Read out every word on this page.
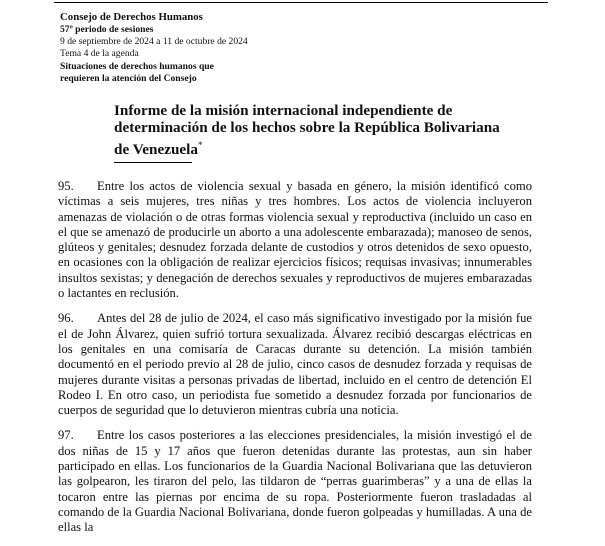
Consejo de Derechos Humanos
57º periodo de sesiones
9 de septiembre de 2024 a 11 de octubre de 2024
Tema 4 de la agenda
Situaciones de derechos humanos que
requieren la atención del Consejo
Informe de la misión internacional independiente de
determinación de los hechos sobre la República Bolivariana
de Venezuela*

95. Entre los actos de violencia sexual y basada en género, la misión identificó como víctimas a seis mujeres, tres niñas y tres hombres. Los actos de violencia incluyeron amenazas de violación o de otras formas violencia sexual y reproductiva (incluido un caso en el que se amenazó de producirle un aborto a una adolescente embarazada); manoseo de senos, glúteos y genitales; desnudez forzada delante de custodios y otros detenidos de sexo opuesto, en ocasiones con la obligación de realizar ejercicios físicos; requisas invasivas; innumerables insultos sexistas; y denegación de derechos sexuales y reproductivos de mujeres embarazadas o lactantes en reclusión.

96. Antes del 28 de julio de 2024, el caso más significativo investigado por la misión fue el de John Álvarez, quien sufrió tortura sexualizada. Álvarez recibió descargas eléctricas en los genitales en una comisaría de Caracas durante su detención. La misión también documentó en el periodo previo al 28 de julio, cinco casos de desnudez forzada y requisas de mujeres durante visitas a personas privadas de libertad, incluido en el centro de detención El Rodeo I. En otro caso, un periodista fue sometido a desnudez forzada por funcionarios de cuerpos de seguridad que lo detuvieron mientras cubría una noticia.

97. Entre los casos posteriores a las elecciones presidenciales, la misión investigó el de dos niñas de 15 y 17 años que fueron detenidas durante las protestas, aun sin haber participado en ellas. Los funcionarios de la Guardia Nacional Bolivariana que las detuvieron las golpearon, les tiraron del pelo, las tildaron de “perras guarimberas” y a una de ellas la tocaron entre las piernas por encima de su ropa. Posteriormente fueron trasladadas al comando de la Guardia Nacional Bolivariana, donde fueron golpeadas y humilladas. A una de ellas la
